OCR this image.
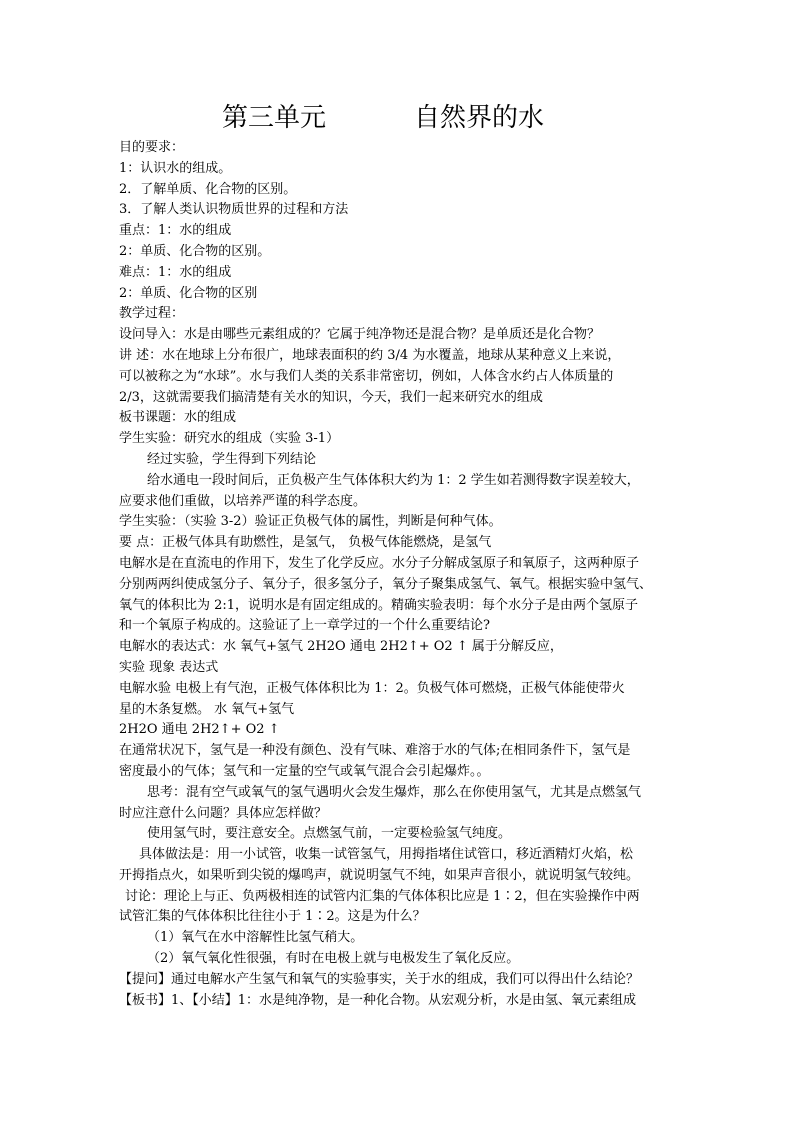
第三单元	自然界的水
目的要求：
1：认识水的组成。
2．了解单质、化合物的区别。
3．了解人类认识物质世界的过程和方法
重点：1：水的组成
2：单质、化合物的区别。
难点：1：水的组成
2：单质、化合物的区别
教学过程：
设问导入：水是由哪些元素组成的？它属于纯净物还是混合物？是单质还是化合物？
讲 述：水在地球上分布很广，地球表面积的约 3/4 为水覆盖，地球从某种意义上来说，
可以被称之为“水球”。水与我们人类的关系非常密切，例如，人体含水约占人体质量的
2/3，这就需要我们搞清楚有关水的知识，今天，我们一起来研究水的组成
板书课题：水的组成
学生实验：研究水的组成（实验 3-1）
经过实验，学生得到下列结论
给水通电一段时间后，正负极产生气体体积大约为 1：2 学生如若测得数字误差较大，
应要求他们重做，以培养严谨的科学态度。
学生实验：（实验 3-2）验证正负极气体的属性，判断是何种气体。
要 点：正极气体具有助燃性，是氢气， 负极气体能燃烧，是氢气
电解水是在直流电的作用下，发生了化学反应。水分子分解成氢原子和氧原子，这两种原子
分别两两纠使成氢分子、氧分子，很多氢分子，氧分子聚集成氢气、氧气。根据实验中氢气、
氧气的体积比为 2:1，说明水是有固定组成的。精确实验表明：每个水分子是由两个氢原子
和一个氧原子构成的。这验证了上一章学过的一个什么重要结论?
电解水的表达式：水 氧气+氢气 2H2O 通电 2H2↑+ O2 ↑ 属于分解反应，
实验 现象 表达式
电解水验 电极上有气泡，正极气体体积比为 1：2。负极气体可燃烧，正极气体能使带火
星的木条复燃。 水 氧气+氢气
2H2O 通电 2H2↑+ O2 ↑
在通常状况下，氢气是一种没有颜色、没有气味、难溶于水的气体;在相同条件下，氢气是
密度最小的气体；氢气和一定量的空气或氧气混合会引起爆炸。。
思考：混有空气或氧气的氢气遇明火会发生爆炸，那么在你使用氢气，尤其是点燃氢气
时应注意什么问题？具体应怎样做？
使用氢气时，要注意安全。点燃氢气前，一定要检验氢气纯度。
具体做法是：用一小试管，收集一试管氢气，用拇指堵住试管口，移近酒精灯火焰，松
开拇指点火，如果听到尖锐的爆鸣声，就说明氢气不纯，如果声音很小，就说明氢气较纯。
讨论：理论上与正、负两极相连的试管内汇集的气体体积比应是 1∶2，但在实验操作中两
试管汇集的气体体积比往往小于 1∶2。这是为什么？
（1）氧气在水中溶解性比氢气稍大。
（2）氧气氧化性很强，有时在电极上就与电极发生了氧化反应。
【提问】通过电解水产生氢气和氧气的实验事实，关于水的组成，我们可以得出什么结论？
【板书】1、【小结】1：水是纯净物，是一种化合物。从宏观分析，水是由氢、氧元素组成
